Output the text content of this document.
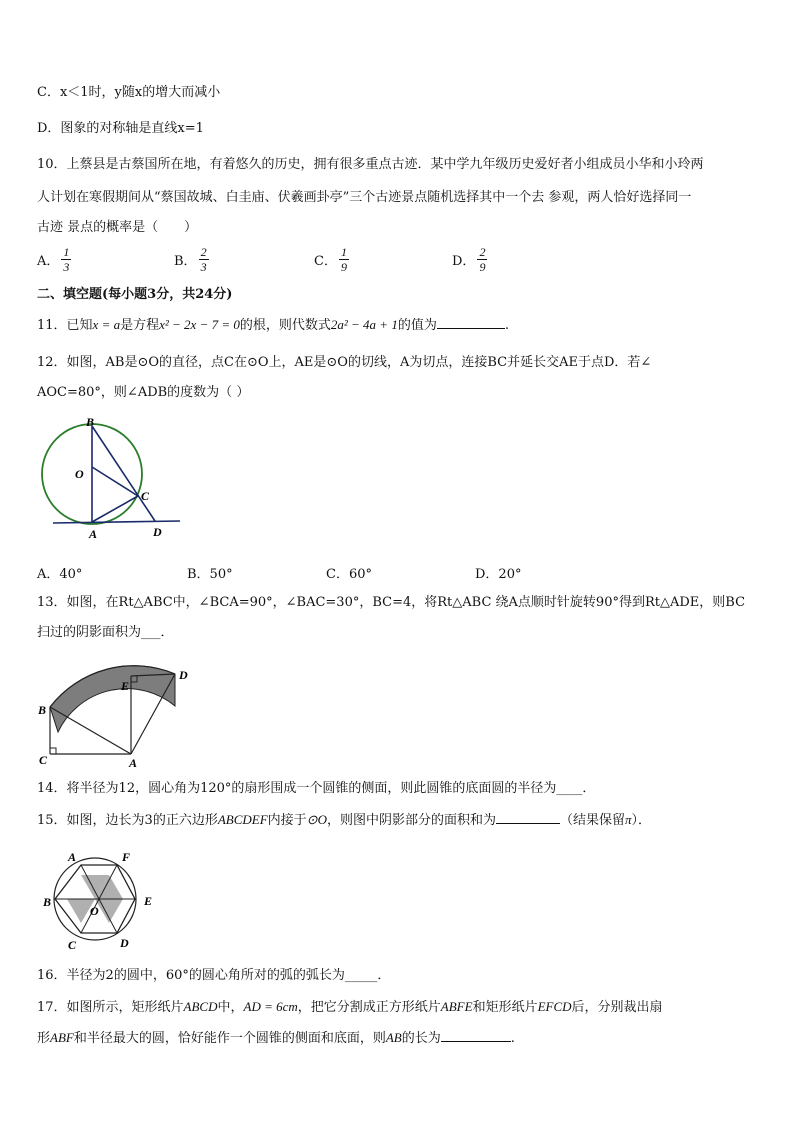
C．x＜1时，y随x的增大而减小
D．图象的对称轴是直线x=1
10．上蔡县是古蔡国所在地，有着悠久的历史，拥有很多重点古迹．某中学九年级历史爱好者小组成员小华和小玲两
人计划在寒假期间从“蔡国故城、白圭庙、伏羲画卦亭”三个古迹景点随机选择其中一个去 参观，两人恰好选择同一
古迹 景点的概率是（　　）
A． $\frac{1}{3}$	B． $\frac{2}{3}$	C． $\frac{1}{9}$	D． $\frac{2}{9}$
二、填空题(每小题3分，共24分)
11．已知x = a是方程x² − 2x − 7 = 0的根，则代数式2a² − 4a + 1的值为	.
12．如图，AB是⊙O的直径，点C在⊙O上，AE是⊙O的切线，A为切点，连接BC并延长交AE于点D．若∠
AOC=80°，则∠ADB的度数为（ ）
B
O
C
A	D
A．40°	B．50°	C．60°	D．20°
13．如图，在Rt△ABC中，∠BCA=90°，∠BAC=30°，BC=4，将Rt△ABC 绕A点顺时针旋转90°得到Rt△ADE，则BC
扫过的阴影面积为___．
B
C	A
E
D
14．将半径为12，圆心角为120°的扇形围成一个圆锥的侧面，则此圆锥的底面圆的半径为____．
15．如图，边长为3的正六边形ABCDEF内接于⊙O，则图中阴影部分的面积和为	（结果保留π）．
A	F
B
O
E
C	D
16．半径为2的圆中，60°的圆心角所对的弧的弧长为_____．
17．如图所示，矩形纸片ABCD中，AD = 6cm，把它分割成正方形纸片ABFE和矩形纸片EFCD后，分别裁出扇
形ABF和半径最大的圆，恰好能作一个圆锥的侧面和底面，则AB的长为	.
